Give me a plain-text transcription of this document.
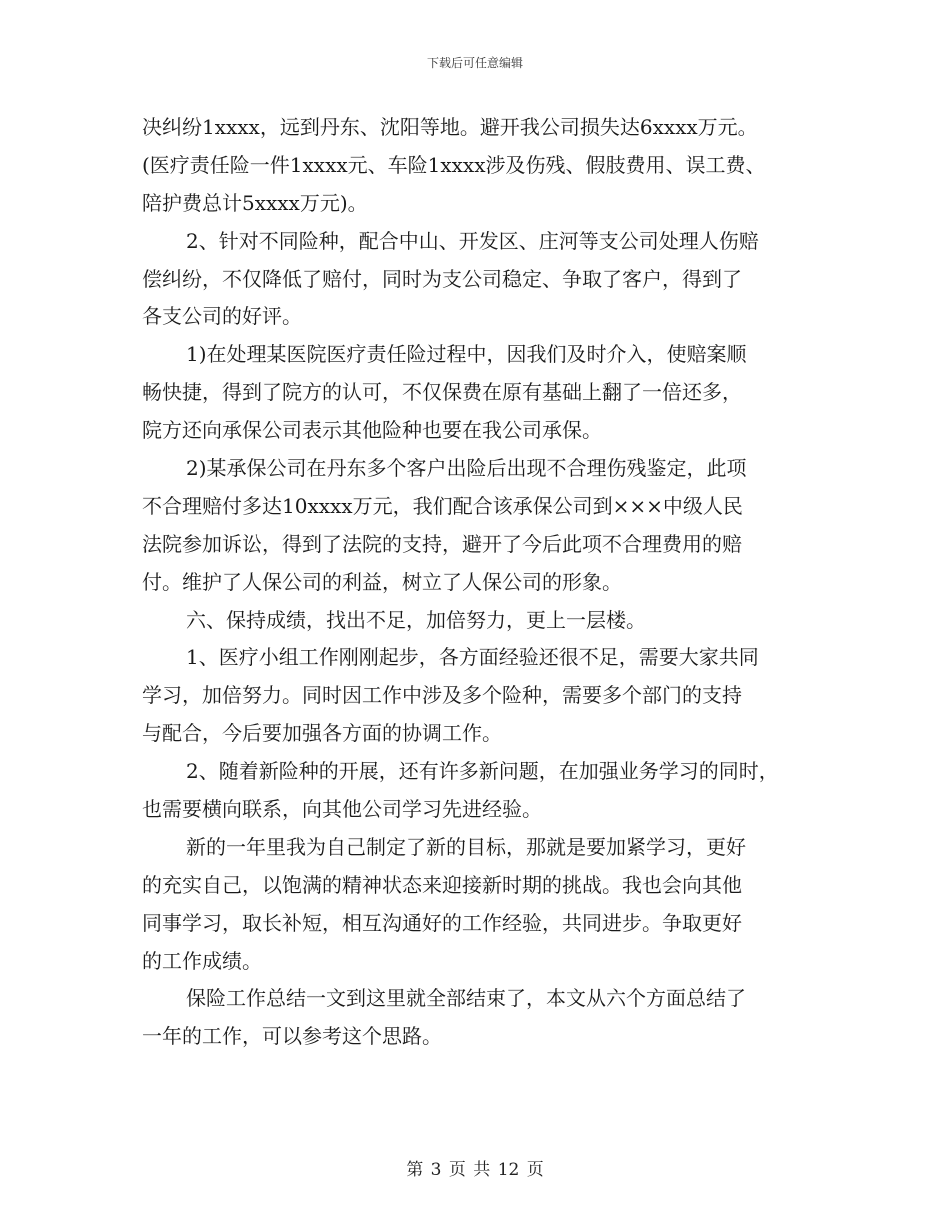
下载后可任意编辑
决纠纷1xxxx，远到丹东、沈阳等地。避开我公司损失达6xxxx万元。
(医疗责任险一件1xxxx元、车险1xxxx涉及伤残、假肢费用、误工费、
陪护费总计5xxxx万元)。
2、针对不同险种，配合中山、开发区、庄河等支公司处理人伤赔
偿纠纷，不仅降低了赔付，同时为支公司稳定、争取了客户，得到了
各支公司的好评。
1)在处理某医院医疗责任险过程中，因我们及时介入，使赔案顺
畅快捷，得到了院方的认可，不仅保费在原有基础上翻了一倍还多，
院方还向承保公司表示其他险种也要在我公司承保。
2)某承保公司在丹东多个客户出险后出现不合理伤残鉴定，此项
不合理赔付多达10xxxx万元，我们配合该承保公司到×××中级人民
法院参加诉讼，得到了法院的支持，避开了今后此项不合理费用的赔
付。维护了人保公司的利益，树立了人保公司的形象。
六、保持成绩，找出不足，加倍努力，更上一层楼。
1、医疗小组工作刚刚起步，各方面经验还很不足，需要大家共同
学习，加倍努力。同时因工作中涉及多个险种，需要多个部门的支持
与配合，今后要加强各方面的协调工作。
2、随着新险种的开展，还有许多新问题，在加强业务学习的同时，
也需要横向联系，向其他公司学习先进经验。
新的一年里我为自己制定了新的目标，那就是要加紧学习，更好
的充实自己，以饱满的精神状态来迎接新时期的挑战。我也会向其他
同事学习，取长补短，相互沟通好的工作经验，共同进步。争取更好
的工作成绩。
保险工作总结一文到这里就全部结束了，本文从六个方面总结了
一年的工作，可以参考这个思路。
第 3 页 共 12 页
